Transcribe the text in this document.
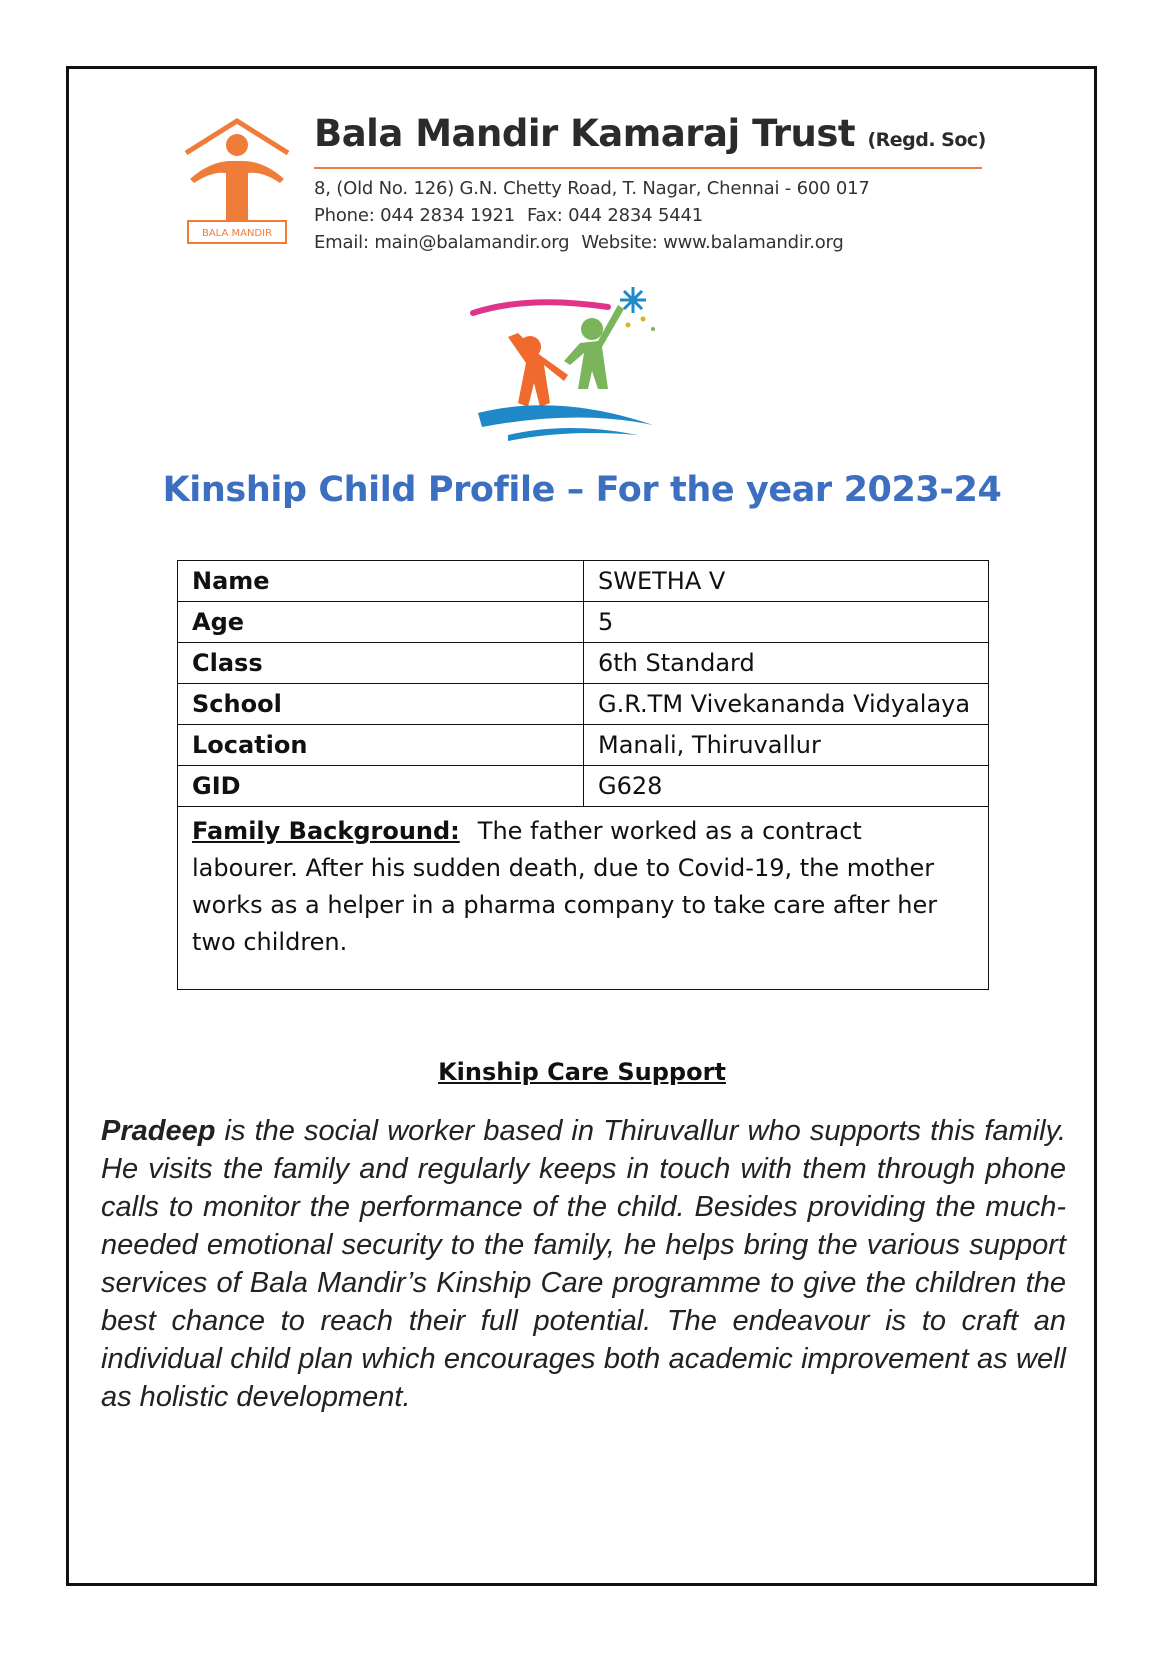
BALA MANDIR
Bala Mandir Kamaraj Trust (Regd. Soc)
8, (Old No. 126) G.N. Chetty Road, T. Nagar, Chennai - 600 017
Phone: 044 2834 1921 Fax: 044 2834 5441
Email: main@balamandir.org Website: www.balamandir.org
Kinship Child Profile – For the year 2023-24
Name	SWETHA V
Age	5
Class	6th Standard
School	G.R.TM Vivekananda Vidyalaya
Location	Manali, Thiruvallur
GID	G628
Family Background: The father worked as a contract labourer. After his sudden death, due to Covid-19, the mother works as a helper in a pharma company to take care after her two children.	
Kinship Care Support
Pradeep is the social worker based in Thiruvallur who supports this family. He visits the family and regularly keeps in touch with them through phone calls to monitor the performance of the child. Besides providing the much-needed emotional security to the family, he helps bring the various support services of Bala Mandir’s Kinship Care programme to give the children the best chance to reach their full potential. The endeavour is to craft an individual child plan which encourages both academic improvement as well as holistic development.
